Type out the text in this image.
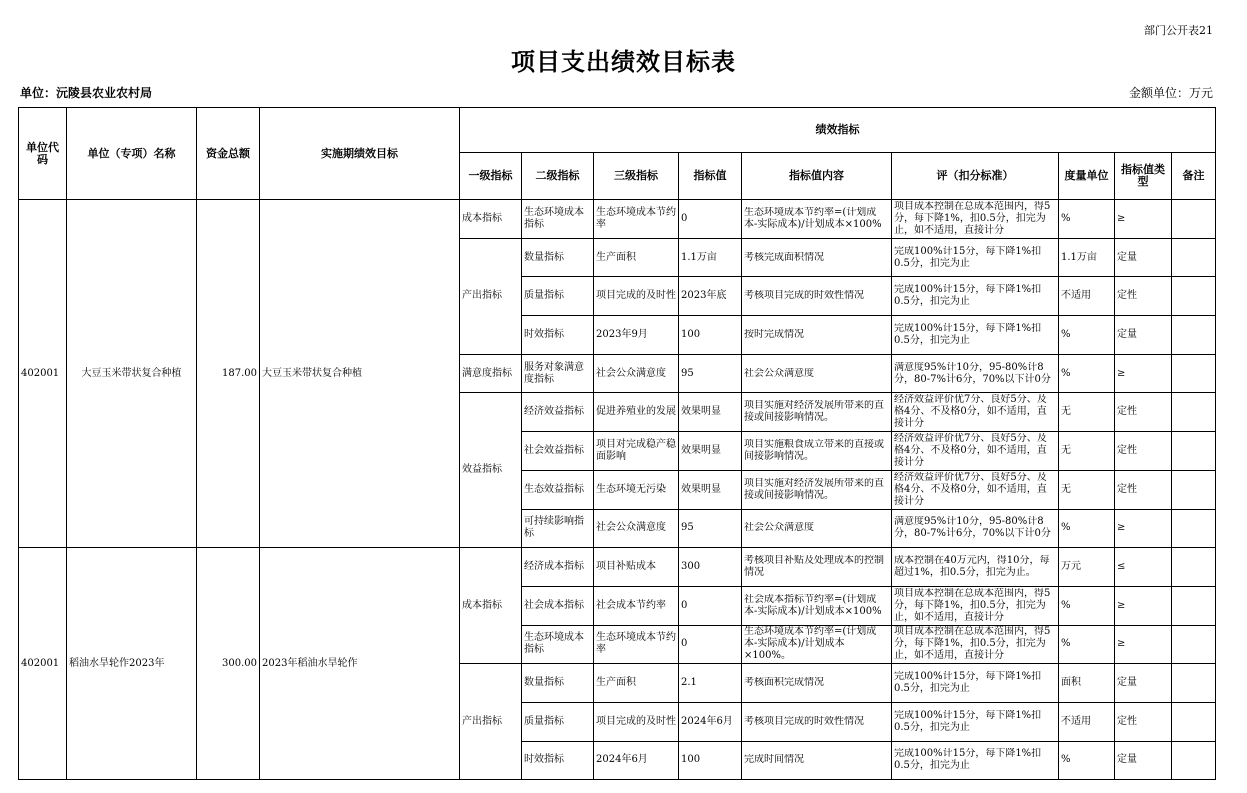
部门公开表21
项目支出绩效目标表
单位：沅陵县农业农村局	金额单位：万元
单位代码	单位（专项）名称	资金总额	实施期绩效目标	绩效指标								
				一级指标	二级指标	三级指标	指标值	指标值内容	评（扣分标准）	度量单位	指标值类型	备注
402001	大豆玉米带状复合种植	187.00	大豆玉米带状复合种植	成本指标	生态环境成本指标	生态环境成本节约率	0	生态环境成本节约率=(计划成本-实际成本)/计划成本×100%	项目成本控制在总成本范围内，得5分，每下降1%，扣0.5分，扣完为止，如不适用，直接计分	%	≥	
				产出指标	数量指标	生产面积	1.1万亩	考核完成面积情况	完成100%计15分，每下降1%扣0.5分，扣完为止	1.1万亩	定量	
					质量指标	项目完成的及时性	2023年底	考核项目完成的时效性情况	完成100%计15分，每下降1%扣0.5分，扣完为止	不适用	定性	
					时效指标	2023年9月	100	按时完成情况	完成100%计15分，每下降1%扣0.5分，扣完为止	%	定量	
				满意度指标	服务对象满意度指标	社会公众满意度	95	社会公众满意度	满意度95%计10分，95-80%计8分，80-7%计6分，70%以下计0分	%	≥	
				效益指标	经济效益指标	促进养殖业的发展	效果明显	项目实施对经济发展所带来的直接或间接影响情况。	经济效益评价优7分、良好5分、及格4分、不及格0分，如不适用，直接计分	无	定性	
					社会效益指标	项目对完成稳产稳面影响	效果明显	项目实施粮食成立带来的直接或间接影响情况。	经济效益评价优7分、良好5分、及格4分、不及格0分，如不适用，直接计分	无	定性	
					生态效益指标	生态环境无污染	效果明显	项目实施对经济发展所带来的直接或间接影响情况。	经济效益评价优7分、良好5分、及格4分、不及格0分，如不适用，直接计分	无	定性	
					可持续影响指标	社会公众满意度	95	社会公众满意度	满意度95%计10分，95-80%计8分，80-7%计6分，70%以下计0分	%	≥	
402001	稻油水旱轮作2023年	300.00	2023年稻油水旱轮作	成本指标	经济成本指标	项目补贴成本	300	考核项目补贴及处理成本的控制情况	成本控制在40万元内，得10分，每超过1%，扣0.5分，扣完为止。	万元	≤	
					社会成本指标	社会成本节约率	0	社会成本指标节约率=(计划成本-实际成本)/计划成本×100%	项目成本控制在总成本范围内，得5分，每下降1%，扣0.5分，扣完为止，如不适用，直接计分	%	≥	
					生态环境成本指标	生态环境成本节约率	0	生态环境成本节约率=(计划成本-实际成本)/计划成本×100%。	项目成本控制在总成本范围内，得5分，每下降1%，扣0.5分，扣完为止，如不适用，直接计分	%	≥	
				产出指标	数量指标	生产面积	2.1	考核面积完成情况	完成100%计15分，每下降1%扣0.5分，扣完为止	面积	定量	
					质量指标	项目完成的及时性	2024年6月	考核项目完成的时效性情况	完成100%计15分，每下降1%扣0.5分，扣完为止	不适用	定性	
					时效指标	2024年6月	100	完成时间情况	完成100%计15分，每下降1%扣0.5分，扣完为止	%	定量	
